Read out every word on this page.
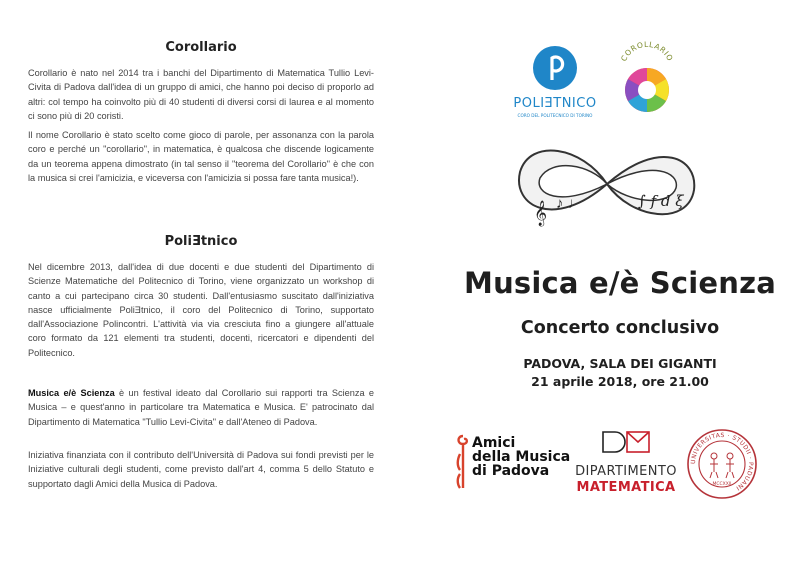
Corollario

Corollario è nato nel 2014 tra i banchi del Dipartimento di Matematica Tullio Levi-Civita di Padova dall'idea di un gruppo di amici, che hanno poi deciso di proporlo ad altri: col tempo ha coinvolto più di 40 studenti di diversi corsi di laurea e al momento ci sono più di 20 coristi.

Il nome Corollario è stato scelto come gioco di parole, per assonanza con la parola coro e perché un "corollario", in matematica, è qualcosa che discende logicamente da un teorema appena dimostrato (in tal senso il "teorema del Corollario" è che con la musica si crei l'amicizia, e viceversa con l'amicizia si possa fare tanta musica!).

PoliƎtnico

Nel dicembre 2013, dall'idea di due docenti e due studenti del Dipartimento di Scienze Matematiche del Politecnico di Torino, viene organizzato un workshop di canto a cui partecipano circa 30 studenti. Dall'entusiasmo suscitato dall'iniziativa nasce ufficialmente PoliƎtnico, il coro del Politecnico di Torino, supportato dall'Associazione Polincontri. L'attività via via cresciuta fino a giungere all'attuale coro formato da 121 elementi tra studenti, docenti, ricercatori e dipendenti del Politecnico.

Musica e/è Scienza è un festival ideato dal Corollario sui rapporti tra Scienza e Musica – e quest'anno in particolare tra Matematica e Musica. E' patrocinato dal Dipartimento di Matematica "Tullio Levi-Civita" e dall'Ateneo di Padova.

Iniziativa finanziata con il contributo dell'Università di Padova sui fondi previsti per le Iniziative culturali degli studenti, come previsto dall'art 4, comma 5 dello Statuto e supportato dagli Amici della Musica di Padova.

POLIƎTNICO
CORO DEL POLITECNICO DI TORINO
COROLLARIO
𝄞 ♪ ♩	∫ f d ξ
Musica e/è Scienza
Concerto conclusivo
PADOVA, SALA DEI GIGANTI
21 aprile 2018, ore 21.00
Amici
della Musica
di Padova	DIPARTIMENTO
MATEMATICA
UNIVERSITAS · STUDII · PADUANI
MCCXXII
